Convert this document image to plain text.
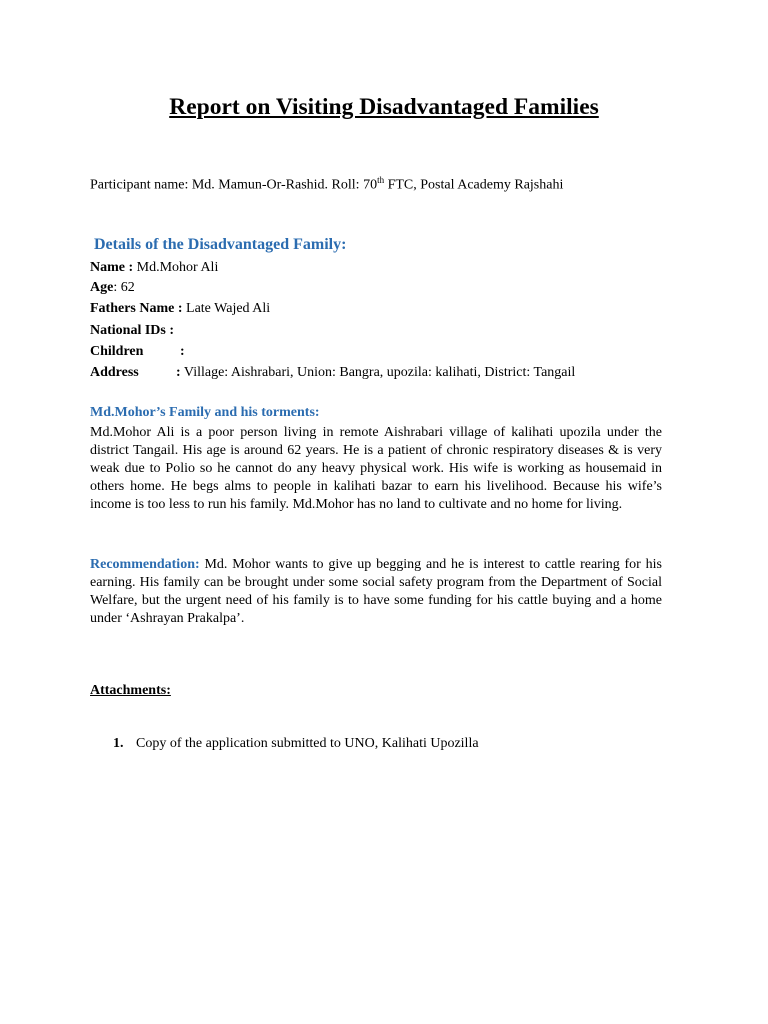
Report on Visiting Disadvantaged Families
Participant name: Md. Mamun-Or-Rashid. Roll: 70th FTC, Postal Academy Rajshahi
Details of the Disadvantaged Family:
Name : Md.Mohor Ali
Age: 62
Fathers Name : Late Wajed Ali
National IDs :
Children	:
Address	: Village: Aishrabari, Union: Bangra, upozila: kalihati, District: Tangail
Md.Mohor’s Family and his torments:
Md.Mohor Ali is a poor person living in remote Aishrabari village of kalihati upozila under the district Tangail. His age is around 62 years. He is a patient of chronic respiratory diseases & is very weak due to Polio so he cannot do any heavy physical work. His wife is working as housemaid in others home. He begs alms to people in kalihati bazar to earn his livelihood. Because his wife’s income is too less to run his family. Md.Mohor has no land to cultivate and no home for living.
Recommendation: Md. Mohor wants to give up begging and he is interest to cattle rearing for his earning. His family can be brought under some social safety program from the Department of Social Welfare, but the urgent need of his family is to have some funding for his cattle buying and a home under ‘Ashrayan Prakalpa’.
Attachments:
1. Copy of the application submitted to UNO, Kalihati Upozilla
